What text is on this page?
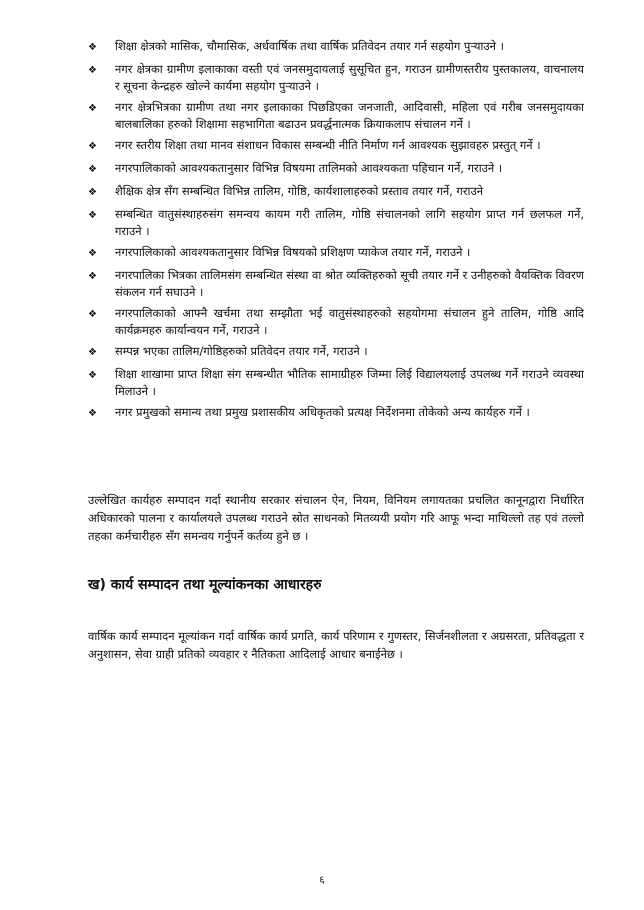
❖	शिक्षा क्षेत्रको मासिक, चौमासिक, अर्धवार्षिक तथा वार्षिक प्रतिवेदन तयार गर्न सहयोग पुऱ्याउने ।
❖	नगर क्षेत्रका ग्रामीण इलाकाका वस्ती एवं जनसमुदायलाई सुसूचित हुन, गराउन ग्रामीणस्तरीय पुस्तकालय, वाचनालय र सूचना केन्द्रहरु खोल्ने कार्यमा सहयोग पुऱ्याउने ।
❖	नगर क्षेत्रभित्रका ग्रामीण तथा नगर इलाकाका पिछडिएका जनजाती, आदिवासी, महिला एवं गरीब जनसमुदायका बालबालिका हरुको शिक्षामा सहभागिता बढाउन प्रवर्द्धनात्मक क्रियाकलाप संचालन गर्ने ।
❖	नगर स्तरीय शिक्षा तथा मानव संशाधन विकास सम्बन्धी नीति निर्माण गर्न आवश्यक सुझावहरु प्रस्तुत् गर्ने ।
❖	नगरपालिकाको आवश्यकतानुसार विभिन्न विषयमा तालिमको आवश्यकता पहिचान गर्ने, गराउने ।
❖	शैक्षिक क्षेत्र सँग सम्बन्धित विभिन्न तालिम, गोष्ठि, कार्यशालाहरुको प्रस्ताव तयार गर्ने, गराउने
❖	सम्बन्धित वातुसंस्थाहरुसंग समन्वय कायम गरी तालिम, गोष्ठि संचालनको लागि सहयोग प्राप्त गर्न छलफल गर्ने, गराउने ।
❖	नगरपालिकाको आवश्यकतानुसार विभिन्न विषयको प्रशिक्षण प्याकेज तयार गर्ने, गराउने ।
❖	नगरपालिका भित्रका तालिमसंग सम्बन्धित संस्था वा श्रोत व्यक्तिहरुको सूची तयार गर्ने र उनीहरुको वैयक्तिक विवरण संकलन गर्न सघाउने ।
❖	नगरपालिकाको आफ्नै खर्चमा तथा सम्झौता भई वातुसंस्थाहरुको सहयोगमा संचालन हुने तालिम, गोष्ठि आदि कार्यक्रमहरु कार्यान्वयन गर्ने, गराउने ।
❖	सम्पन्न भएका तालिम/गोष्ठिहरुको प्रतिवेदन तयार गर्ने, गराउने ।
❖	शिक्षा शाखामा प्राप्त शिक्षा संग सम्बन्धीत भौतिक सामाग्रीहरु जिम्मा लिई विद्यालयलाई उपलब्ध गर्ने गराउने व्यवस्था मिलाउने ।
❖	नगर प्रमुखको समान्य तथा प्रमुख प्रशासकीय अधिकृतको प्रत्यक्ष निर्देशनमा तोकेको अन्य कार्यहरु गर्ने ।

उल्लेखित कार्यहरु सम्पादन गर्दा स्थानीय सरकार संचालन ऐन, नियम, विनियम लगायतका प्रचलित कानूनद्वारा निर्धारित अधिकारको पालना र कार्यालयले उपलब्ध गराउने स्रोत साधनको मितव्ययी प्रयोग गरि आफू भन्दा माथिल्लो तह एवं तल्लो तहका कर्मचारीहरु सँग समन्वय गर्नुपर्ने कर्तव्य हुने छ ।

ख) कार्य सम्पादन तथा मूल्यांकनका आधारहरु

वार्षिक कार्य सम्पादन मूल्यांकन गर्दा वार्षिक कार्य प्रगति, कार्य परिणाम र गुणस्तर, सिर्जनशीलता र अग्रसरता, प्रतिवद्धता र अनुशासन, सेवा ग्राही प्रतिको व्यवहार र नैतिकता आदिलाई आधार बनाईनेछ ।

६
